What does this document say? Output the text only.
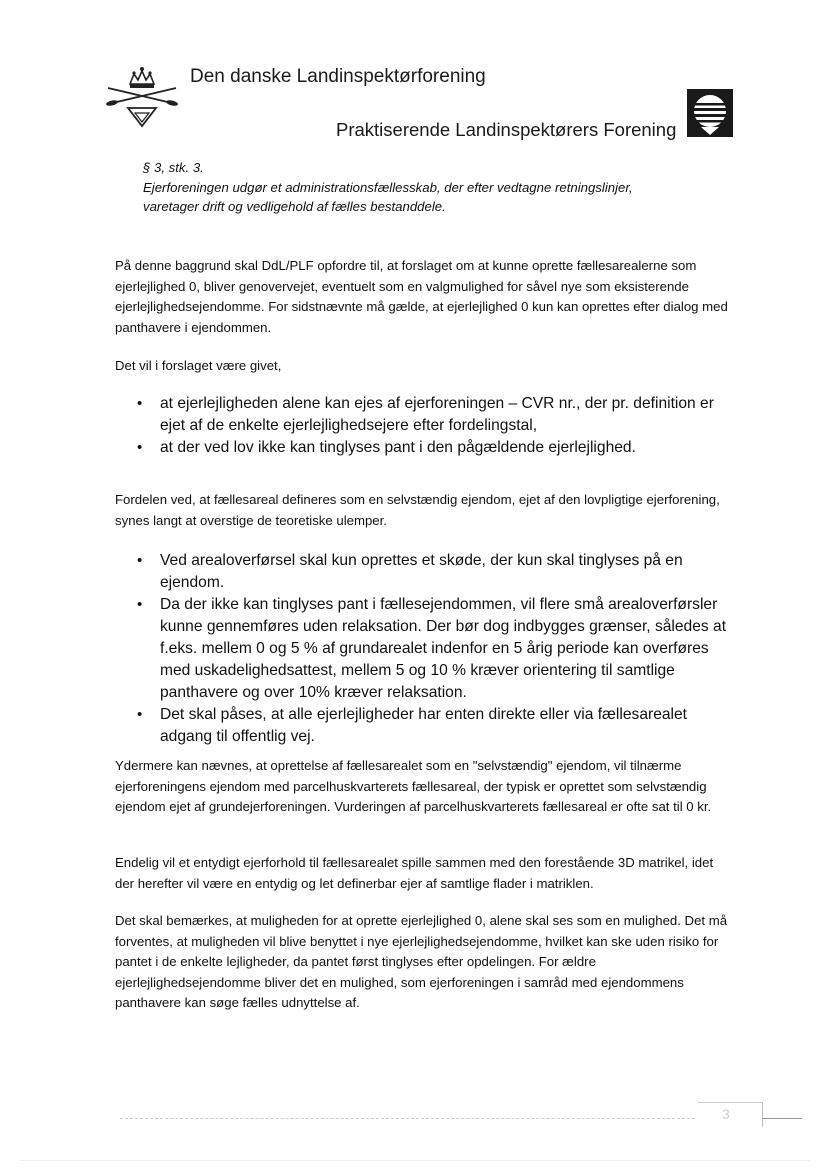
Den danske Landinspektørforening
Praktiserende Landinspektørers Forening
§ 3, stk. 3.
Ejerforeningen udgør et administrationsfællesskab, der efter vedtagne retningslinjer,
varetager drift og vedligehold af fælles bestanddele.

På denne baggrund skal DdL/PLF opfordre til, at forslaget om at kunne oprette fællesarealerne som ejerlejlighed 0, bliver genovervejet, eventuelt som en valgmulighed for såvel nye som eksisterende ejerlejlighedsejendomme. For sidstnævnte må gælde, at ejerlejlighed 0 kun kan oprettes efter dialog med panthavere i ejendommen.

Det vil i forslaget være givet,

• at ejerlejligheden alene kan ejes af ejerforeningen – CVR nr., der pr. definition er ejet af de enkelte ejerlejlighedsejere efter fordelingstal,
• at der ved lov ikke kan tinglyses pant i den pågældende ejerlejlighed.

Fordelen ved, at fællesareal defineres som en selvstændig ejendom, ejet af den lovpligtige ejerforening, synes langt at overstige de teoretiske ulemper.

• Ved arealoverførsel skal kun oprettes et skøde, der kun skal tinglyses på en ejendom.
• Da der ikke kan tinglyses pant i fællesejendommen, vil flere små arealoverførsler kunne gennemføres uden relaksation. Der bør dog indbygges grænser, således at f.eks. mellem 0 og 5 % af grundarealet indenfor en 5 årig periode kan overføres med uskadelighedsattest, mellem 5 og 10 % kræver orientering til samtlige panthavere og over 10% kræver relaksation.
• Det skal påses, at alle ejerlejligheder har enten direkte eller via fællesarealet adgang til offentlig vej.

Ydermere kan nævnes, at oprettelse af fællesarealet som en "selvstændig" ejendom, vil tilnærme ejerforeningens ejendom med parcelhuskvarterets fællesareal, der typisk er oprettet som selvstændig ejendom ejet af grundejerforeningen. Vurderingen af parcelhuskvarterets fællesareal er ofte sat til 0 kr.

Endelig vil et entydigt ejerforhold til fællesarealet spille sammen med den forestående 3D matrikel, idet der herefter vil være en entydig og let definerbar ejer af samtlige flader i matriklen.

Det skal bemærkes, at muligheden for at oprette ejerlejlighed 0, alene skal ses som en mulighed. Det må forventes, at muligheden vil blive benyttet i nye ejerlejlighedsejendomme, hvilket kan ske uden risiko for pantet i de enkelte lejligheder, da pantet først tinglyses efter opdelingen. For ældre ejerlejlighedsejendomme bliver det en mulighed, som ejerforeningen i samråd med ejendommens panthavere kan søge fælles udnyttelse af.

3
